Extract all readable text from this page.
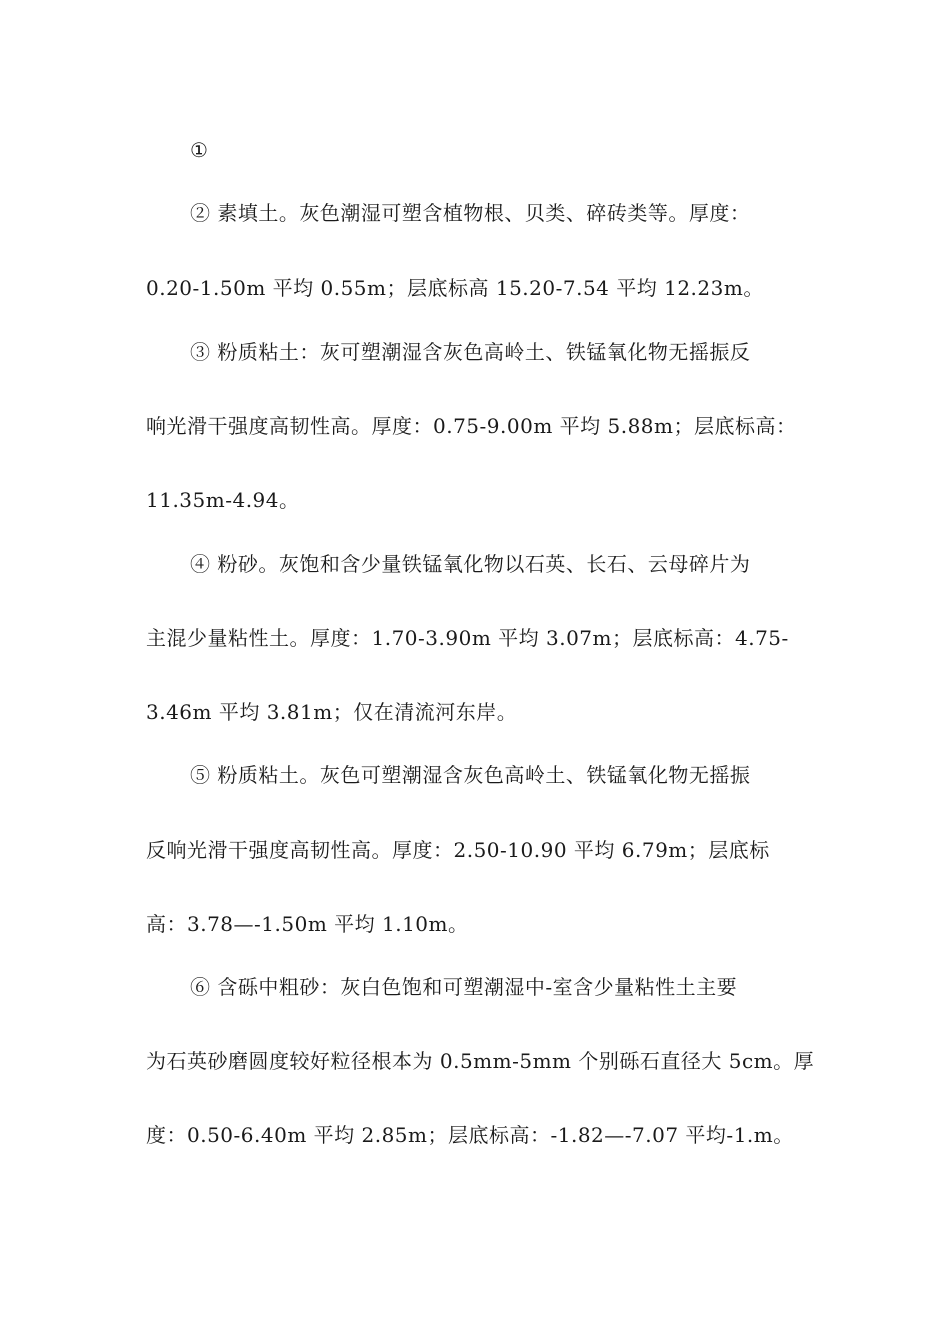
①
② 素填土。灰色潮湿可塑含植物根、贝类、碎砖类等。厚度：
0.20-1.50m 平均 0.55m；层底标高 15.20-7.54 平均 12.23m。
③ 粉质粘土：灰可塑潮湿含灰色高岭土、铁锰氧化物无摇振反
响光滑干强度高韧性高。厚度：0.75-9.00m 平均 5.88m；层底标高：
11.35m-4.94。
④ 粉砂。灰饱和含少量铁锰氧化物以石英、长石、云母碎片为
主混少量粘性土。厚度：1.70-3.90m 平均 3.07m；层底标高：4.75-
3.46m 平均 3.81m；仅在清流河东岸。
⑤ 粉质粘土。灰色可塑潮湿含灰色高岭土、铁锰氧化物无摇振
反响光滑干强度高韧性高。厚度：2.50-10.90 平均 6.79m；层底标
高：3.78—-1.50m 平均 1.10m。
⑥ 含砾中粗砂：灰白色饱和可塑潮湿中-室含少量粘性土主要
为石英砂磨圆度较好粒径根本为 0.5mm-5mm 个别砾石直径大 5cm。厚
度：0.50-6.40m 平均 2.85m；层底标高：-1.82—-7.07 平均-1.m。
